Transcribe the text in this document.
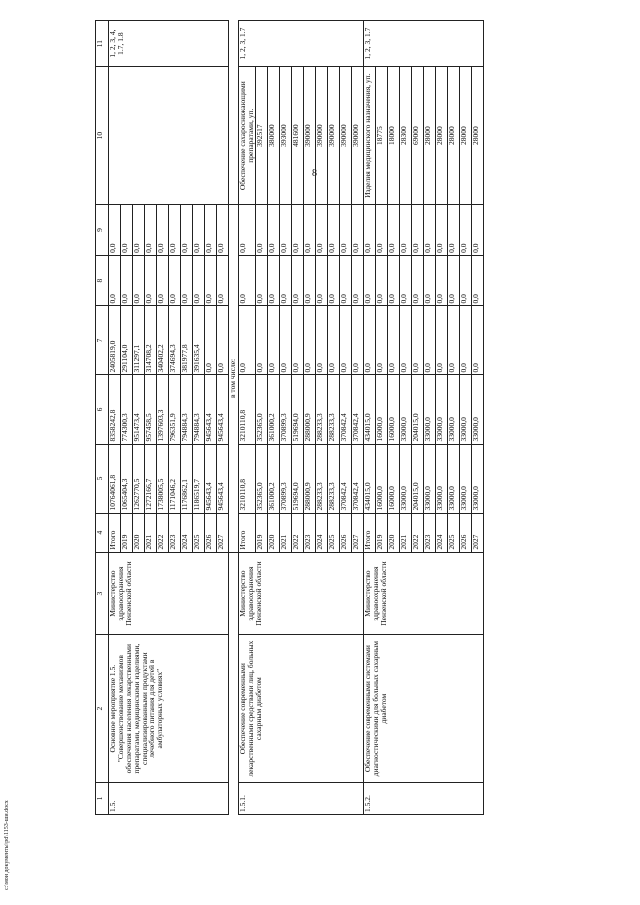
8
c:\мои документы\pd\1153-ши.docx
1	2	3	4	5	6	7	8	9	10	11
1.5.	Основное мероприятие 1.5. "Совершенствование механизмов обеспечения населения лекарственными препаратами, медицинскими изделиями, специализированными продуктами лечебного питания для детей в амбулаторных условиях"	Министерство здравоохранения Пензенской области	Итого	10764061,8	8358242,8	2405819,0	0,0	0,0		1, 2, 3, 4, 1.7, 1.8
			2019	1065404,3	774300,3	291104,0	0,0	0,0		
			2020	1262770,5	951473,4	311297,1	0,0	0,0		
			2021	1272166,7	957458,5	314708,2	0,0	0,0		
			2022	1738005,5	1397603,3	340402,2	0,0	0,0		
			2023	1171046,2	796351,9	374694,3	0,0	0,0		
			2024	1176862,1	794884,3	381977,8	0,0	0,0		
			2025	1186519,7	794884,3	391635,4	0,0	0,0		
			2026	945643,4	945643,4	0,0	0,0	0,0		
			2027	945643,4	945643,4	0,0	0,0	0,0		
			в том числе:							
1.5.1.	Обеспечение современными лекарственными средствами лиц, больных сахарным диабетом	Министерство здравоохранения Пензенской области	Итого	3210110,8	3210110,8	0,0	0,0	0,0	Обеспечение сахароснижающими препаратами, уп.	1, 2, 3, 1.7
			2019	352365,0	352365,0	0,0	0,0	0,0	392517	
			2020	361000,2	361000,2	0,0	0,0	0,0	380000	
			2021	370899,3	370899,3	0,0	0,0	0,0	393000	
			2022	519694,0	519694,0	0,0	0,0	0,0	481600	
			2023	288000,9	288000,9	0,0	0,0	0,0	390000	
			2024	288233,3	288233,3	0,0	0,0	0,0	390000	
			2025	288233,3	288233,3	0,0	0,0	0,0	390000	
			2026	370842,4	370842,4	0,0	0,0	0,0	390000	
			2027	370842,4	370842,4	0,0	0,0	0,0	390000	
1.5.2.	Обеспечение современными системами диагностическими для больных сахарным диабетом	Министерство здравоохранения Пензенской области	Итого	434015,0	434015,0	0,0	0,0	0,0	Изделия медицинского назначения, уп.	1, 2, 3, 1.7
			2019	16000,0	16000,0	0,0	0,0	0,0	18775	
			2020	16000,0	16000,0	0,0	0,0	0,0	18000	
			2021	33000,0	33000,0	0,0	0,0	0,0	28300	
			2022	204015,0	204015,0	0,0	0,0	0,0	69000	
			2023	33000,0	33000,0	0,0	0,0	0,0	28000	
			2024	33000,0	33000,0	0,0	0,0	0,0	28000	
			2025	33000,0	33000,0	0,0	0,0	0,0	28000	
			2026	33000,0	33000,0	0,0	0,0	0,0	28000	
			2027	33000,0	33000,0	0,0	0,0	0,0	28000	
